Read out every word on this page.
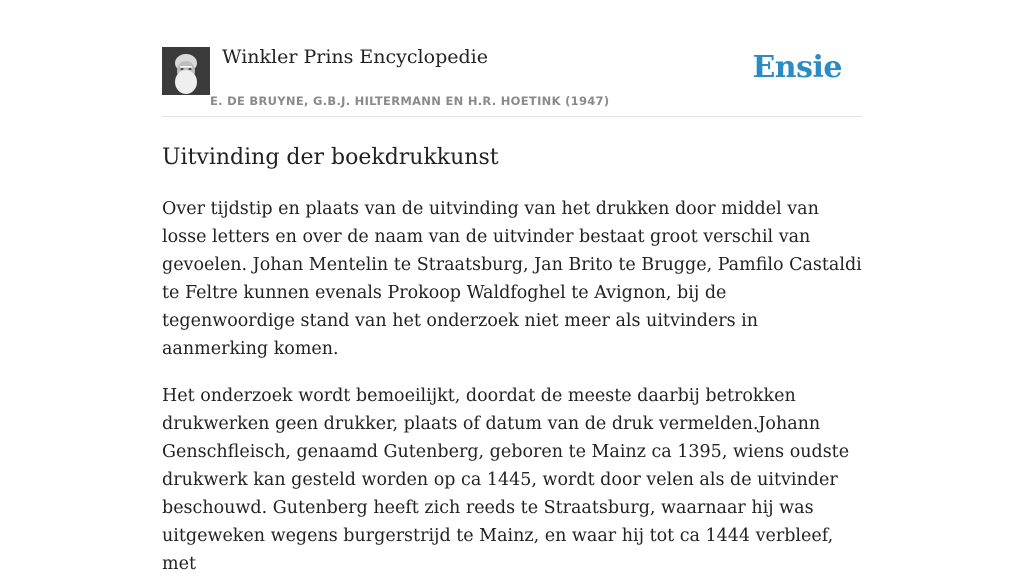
Winkler Prins Encyclopedie
E. DE BRUYNE, G.B.J. HILTERMANN EN H.R. HOETINK (1947)
Ensie
Uitvinding der boekdrukkunst

Over tijdstip en plaats van de uitvinding van het drukken door middel van losse letters en over de naam van de uitvinder bestaat groot verschil van gevoelen. Johan Mentelin te Straatsburg, Jan Brito te Brugge, Pamfilo Castaldi te Feltre kunnen evenals Prokoop Waldfoghel te Avignon, bij de tegenwoordige stand van het onderzoek niet meer als uitvinders in aanmerking komen.

Het onderzoek wordt bemoeilijkt, doordat de meeste daarbij betrokken drukwerken geen drukker, plaats of datum van de druk vermelden.Johann Genschfleisch, genaamd Gutenberg, geboren te Mainz ca 1395, wiens oudste drukwerk kan gesteld worden op ca 1445, wordt door velen als de uitvinder beschouwd. Gutenberg heeft zich reeds te Straatsburg, waarnaar hij was uitgeweken wegens burgerstrijd te Mainz, en waar hij tot ca 1444 verbleef, met
